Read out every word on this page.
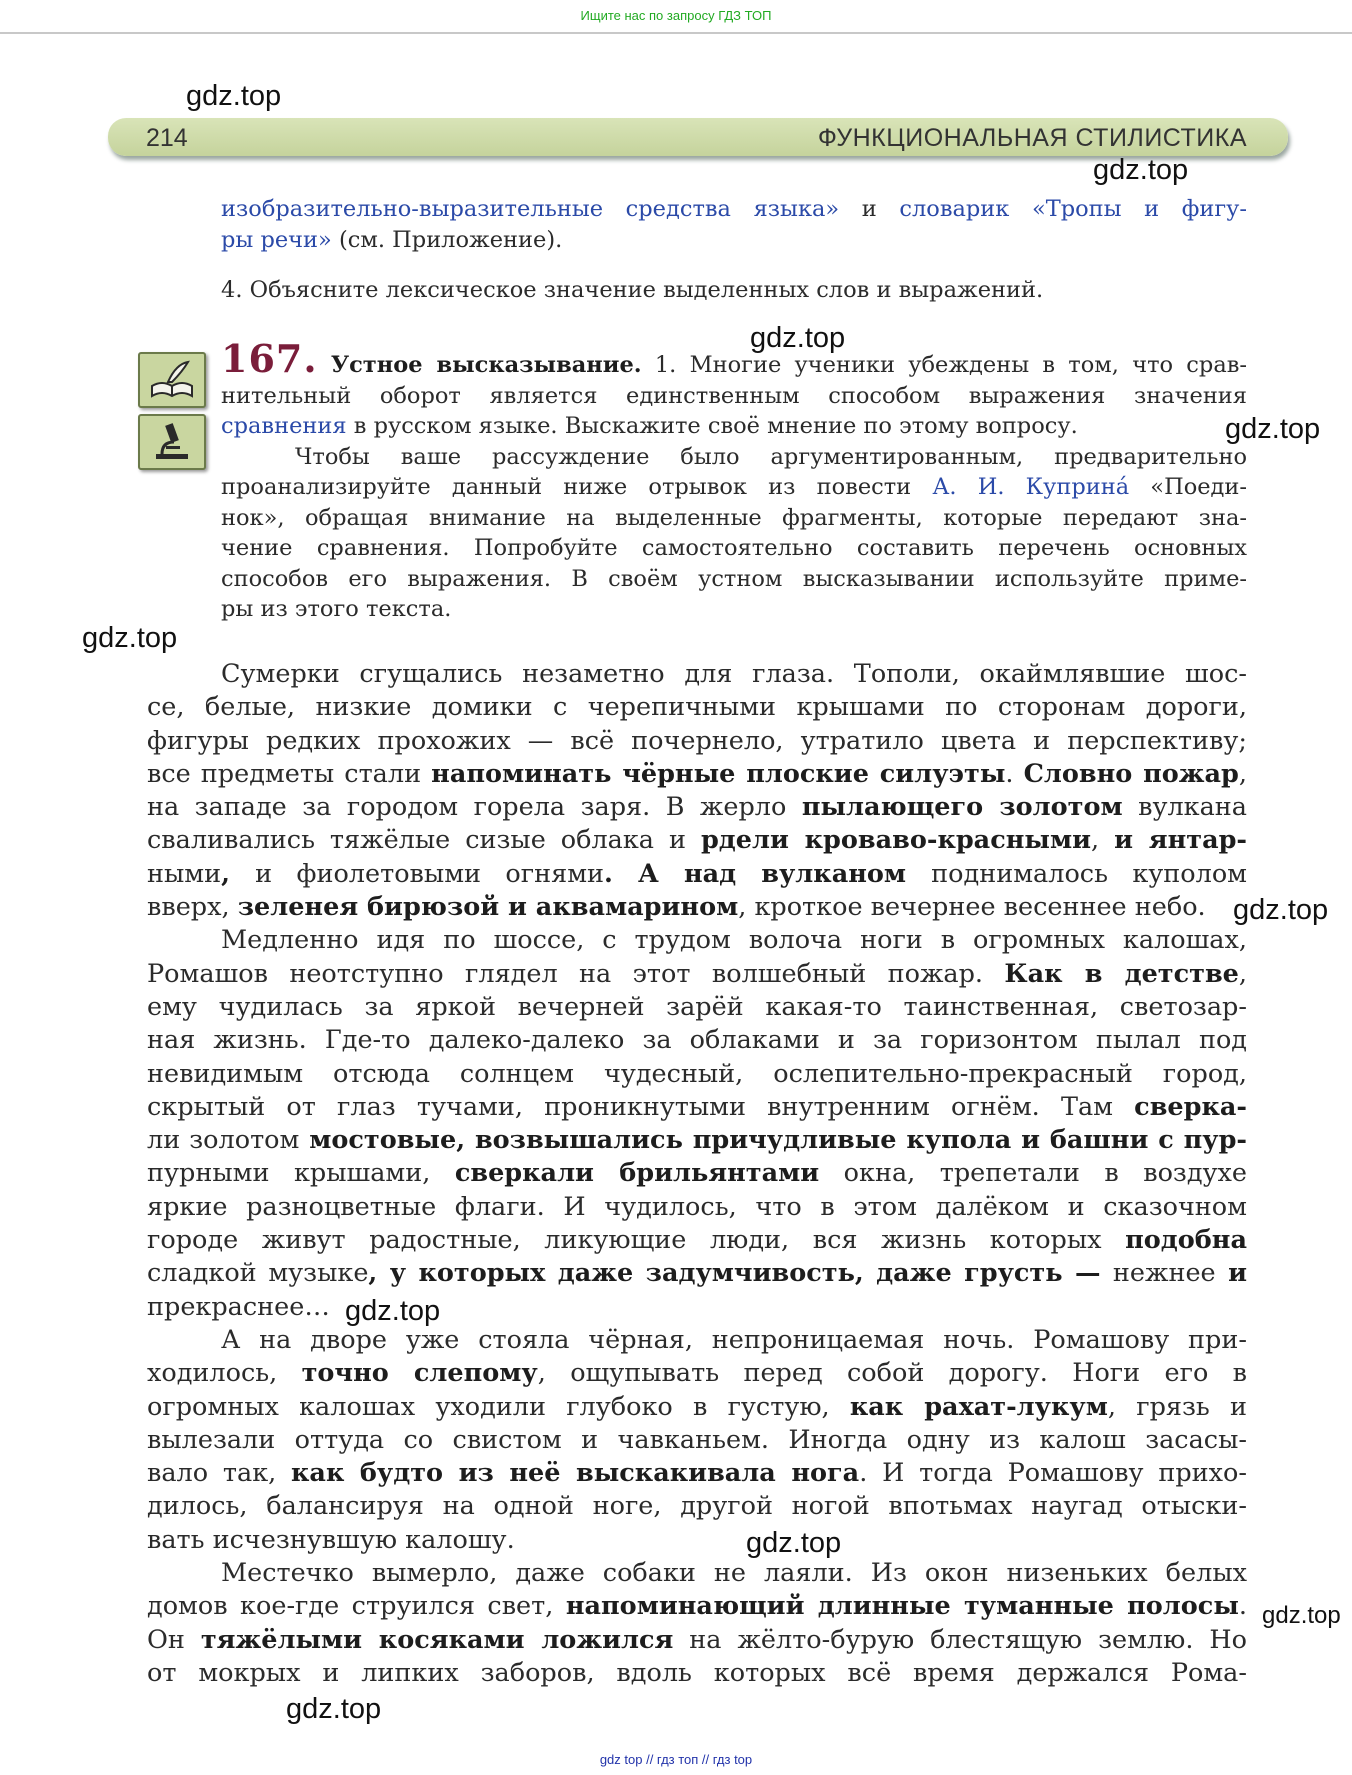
Ищите нас по запросу ГДЗ ТОП
214	ФУНКЦИОНАЛЬНАЯ СТИЛИСТИКА
gdz.top
gdz.top
gdz.top
gdz.top
gdz.top
gdz.top
gdz.top
gdz.top
gdz.top
gdz.top
изобразительно-выразительные средства языка» и словарик «Тропы и фигу-
ры речи» (см. Приложение).
4. Объясните лексическое значение выделенных слов и выражений.
167. Устное высказывание. 1. Многие ученики убеждены в том, что срав-
нительный оборот является единственным способом выражения значения
сравнения в русском языке. Выскажите своё мнение по этому вопросу.
Чтобы ваше рассуждение было аргументированным, предварительно
проанализируйте данный ниже отрывок из повести А. И. Куприна́ «Поеди-
нок», обращая внимание на выделенные фрагменты, которые передают зна-
чение сравнения. Попробуйте самостоятельно составить перечень основных
способов его выражения. В своём устном высказывании используйте приме-
ры из этого текста.
Сумерки сгущались незаметно для глаза. Тополи, окаймлявшие шос-
се, белые, низкие домики с черепичными крышами по сторонам дороги,
фигуры редких прохожих — всё почернело, утратило цвета и перспективу;
все предметы стали напоминать чёрные плоские силуэты. Словно пожар,
на западе за городом горела заря. В жерло пылающего золотом вулкана
сваливались тяжёлые сизые облака и рдели кроваво-красными, и янтар-
ными, и фиолетовыми огнями. А над вулканом поднималось куполом
вверх, зеленея бирюзой и аквамарином, кроткое вечернее весеннее небо.
Медленно идя по шоссе, с трудом волоча ноги в огромных калошах,
Ромашов неотступно глядел на этот волшебный пожар. Как в детстве,
ему чудилась за яркой вечерней зарёй какая-то таинственная, светозар-
ная жизнь. Где-то далеко-далеко за облаками и за горизонтом пылал под
невидимым отсюда солнцем чудесный, ослепительно-прекрасный город,
скрытый от глаз тучами, проникнутыми внутренним огнём. Там сверка-
ли золотом мостовые, возвышались причудливые купола и башни с пур-
пурными крышами, сверкали брильянтами окна, трепетали в воздухе
яркие разноцветные флаги. И чудилось, что в этом далёком и сказочном
городе живут радостные, ликующие люди, вся жизнь которых подобна
сладкой музыке, у которых даже задумчивость, даже грусть — нежнее и
прекраснее…
А на дворе уже стояла чёрная, непроницаемая ночь. Ромашову при-
ходилось, точно слепому, ощупывать перед собой дорогу. Ноги его в
огромных калошах уходили глубоко в густую, как рахат-лукум, грязь и
вылезали оттуда со свистом и чавканьем. Иногда одну из калош засасы-
вало так, как будто из неё выскакивала нога. И тогда Ромашову прихо-
дилось, балансируя на одной ноге, другой ногой впотьмах наугад отыски-
вать исчезнувшую калошу.
Местечко вымерло, даже собаки не лаяли. Из окон низеньких белых
домов кое-где струился свет, напоминающий длинные туманные полосы.
Он тяжёлыми косяками ложился на жёлто-бурую блестящую землю. Но
от мокрых и липких заборов, вдоль которых всё время держался Рома-
gdz top // гдз топ // гдз top
